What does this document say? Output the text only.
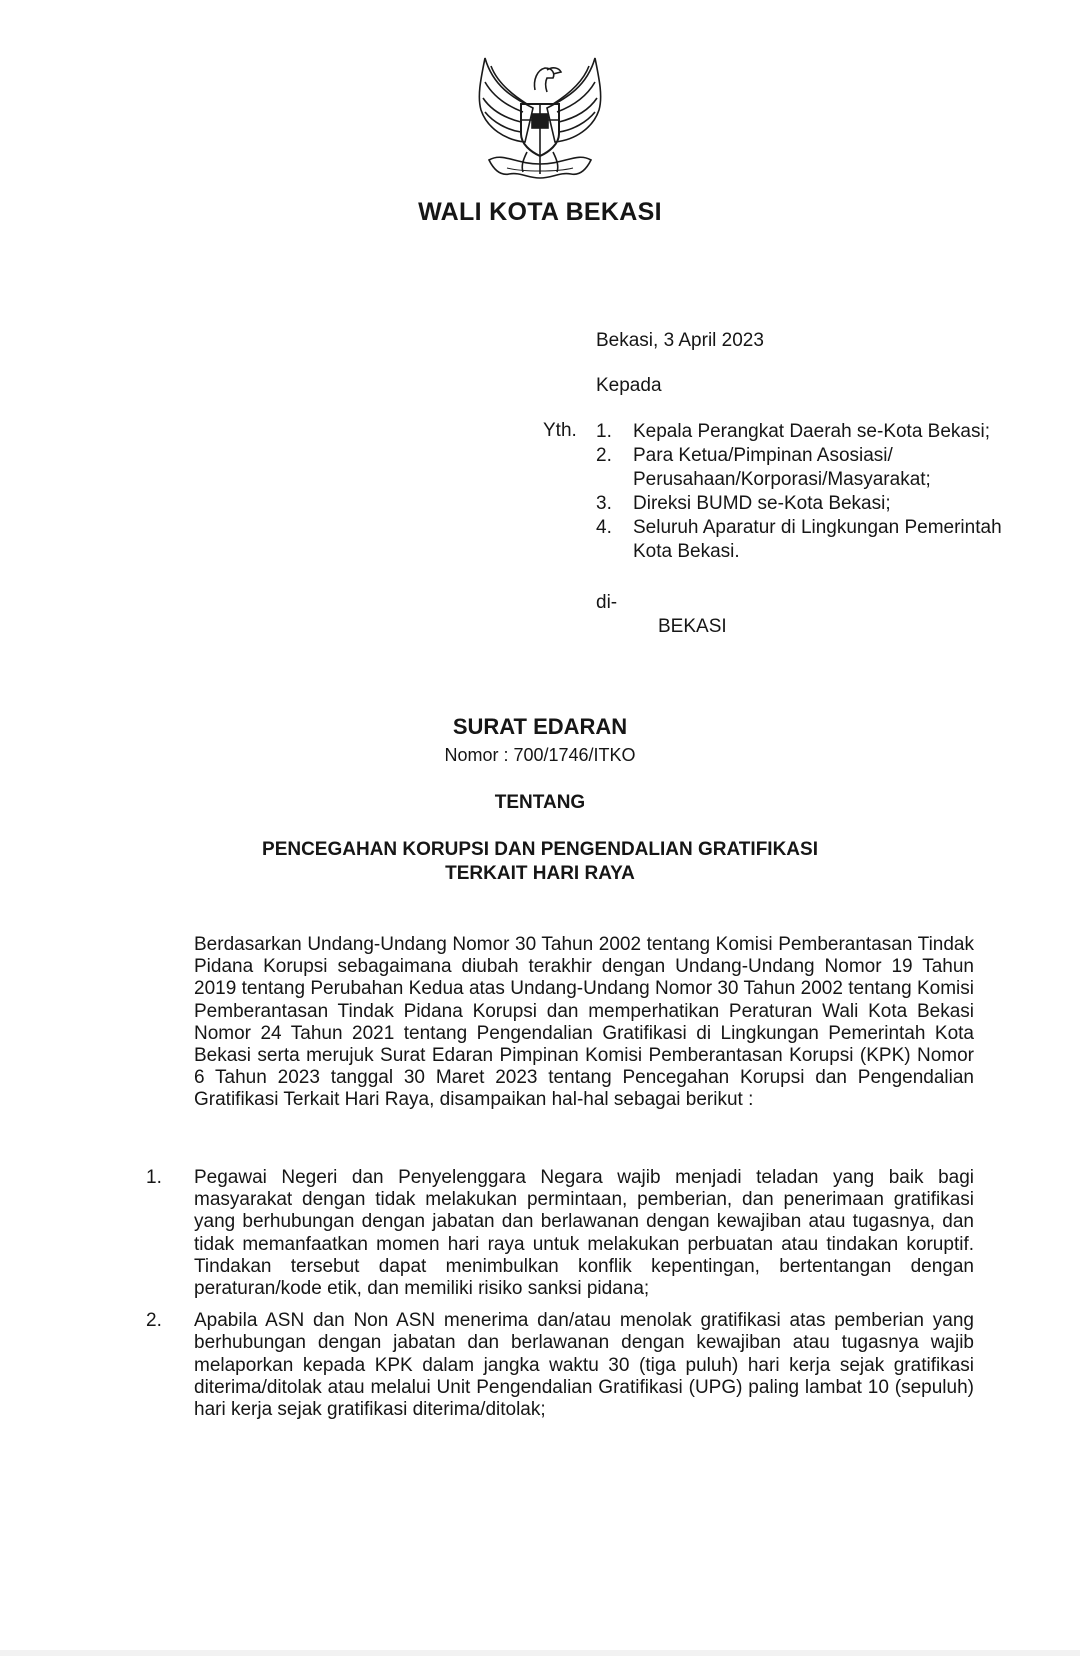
WALI KOTA BEKASI
Bekasi, 3 April 2023
Kepada
Yth. 1. Kepala Perangkat Daerah se-Kota Bekasi;
2. Para Ketua/Pimpinan Asosiasi/ Perusahaan/Korporasi/Masyarakat;
3. Direksi BUMD se-Kota Bekasi;
4. Seluruh Aparatur di Lingkungan Pemerintah Kota Bekasi.
di-
BEKASI
SURAT EDARAN
Nomor : 700/1746/ITKO
TENTANG
PENCEGAHAN KORUPSI DAN PENGENDALIAN GRATIFIKASI
TERKAIT HARI RAYA

Berdasarkan Undang-Undang Nomor 30 Tahun 2002 tentang Komisi Pemberantasan Tindak Pidana Korupsi sebagaimana diubah terakhir dengan Undang-Undang Nomor 19 Tahun 2019 tentang Perubahan Kedua atas Undang-Undang Nomor 30 Tahun 2002 tentang Komisi Pemberantasan Tindak Pidana Korupsi dan memperhatikan Peraturan Wali Kota Bekasi Nomor 24 Tahun 2021 tentang Pengendalian Gratifikasi di Lingkungan Pemerintah Kota Bekasi serta merujuk Surat Edaran Pimpinan Komisi Pemberantasan Korupsi (KPK) Nomor 6 Tahun 2023 tanggal 30 Maret 2023 tentang Pencegahan Korupsi dan Pengendalian Gratifikasi Terkait Hari Raya, disampaikan hal-hal sebagai berikut :

1. Pegawai Negeri dan Penyelenggara Negara wajib menjadi teladan yang baik bagi masyarakat dengan tidak melakukan permintaan, pemberian, dan penerimaan gratifikasi yang berhubungan dengan jabatan dan berlawanan dengan kewajiban atau tugasnya, dan tidak memanfaatkan momen hari raya untuk melakukan perbuatan atau tindakan koruptif. Tindakan tersebut dapat menimbulkan konflik kepentingan, bertentangan dengan peraturan/kode etik, dan memiliki risiko sanksi pidana;
2. Apabila ASN dan Non ASN menerima dan/atau menolak gratifikasi atas pemberian yang berhubungan dengan jabatan dan berlawanan dengan kewajiban atau tugasnya wajib melaporkan kepada KPK dalam jangka waktu 30 (tiga puluh) hari kerja sejak gratifikasi diterima/ditolak atau melalui Unit Pengendalian Gratifikasi (UPG) paling lambat 10 (sepuluh) hari kerja sejak gratifikasi diterima/ditolak;
